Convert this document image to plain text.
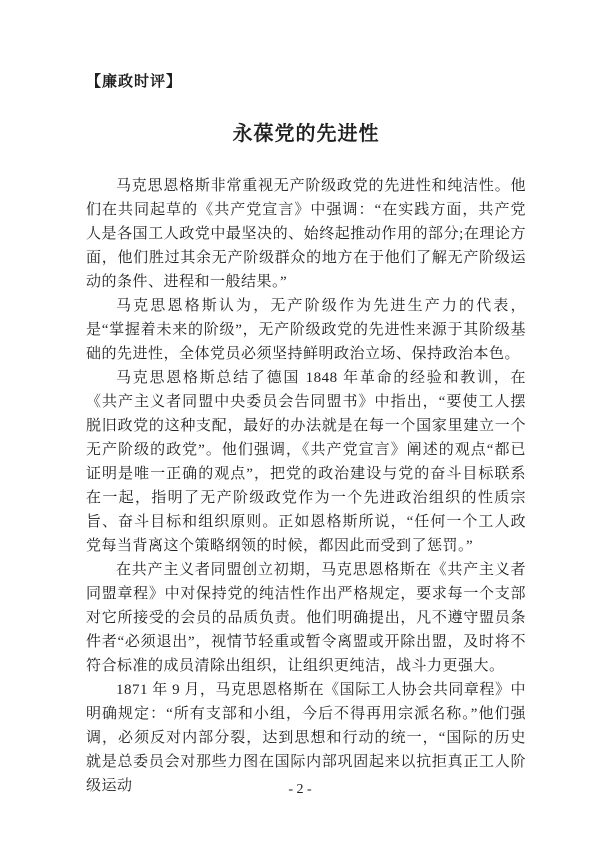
【廉政时评】
永葆党的先进性

马克思恩格斯非常重视无产阶级政党的先进性和纯洁性。他们在共同起草的《共产党宣言》中强调：“在实践方面，共产党人是各国工人政党中最坚决的、始终起推动作用的部分;在理论方面，他们胜过其余无产阶级群众的地方在于他们了解无产阶级运动的条件、进程和一般结果。”

马克思恩格斯认为，无产阶级作为先进生产力的代表，是“掌握着未来的阶级”，无产阶级政党的先进性来源于其阶级基础的先进性，全体党员必须坚持鲜明政治立场、保持政治本色。

马克思恩格斯总结了德国 1848 年革命的经验和教训，在《共产主义者同盟中央委员会告同盟书》中指出，“要使工人摆脱旧政党的这种支配，最好的办法就是在每一个国家里建立一个无产阶级的政党”。他们强调，《共产党宣言》阐述的观点“都已证明是唯一正确的观点”，把党的政治建设与党的奋斗目标联系在一起，指明了无产阶级政党作为一个先进政治组织的性质宗旨、奋斗目标和组织原则。正如恩格斯所说，“任何一个工人政党每当背离这个策略纲领的时候，都因此而受到了惩罚。”

在共产主义者同盟创立初期，马克思恩格斯在《共产主义者同盟章程》中对保持党的纯洁性作出严格规定，要求每一个支部对它所接受的会员的品质负责。他们明确提出，凡不遵守盟员条件者“必须退出”，视情节轻重或暂令离盟或开除出盟，及时将不符合标准的成员清除出组织，让组织更纯洁，战斗力更强大。

1871 年 9 月，马克思恩格斯在《国际工人协会共同章程》中明确规定：“所有支部和小组，今后不得再用宗派名称。”他们强调，必须反对内部分裂，达到思想和行动的统一，“国际的历史就是总委员会对那些力图在国际内部巩固起来以抗拒真正工人阶级运动	- 2 -
